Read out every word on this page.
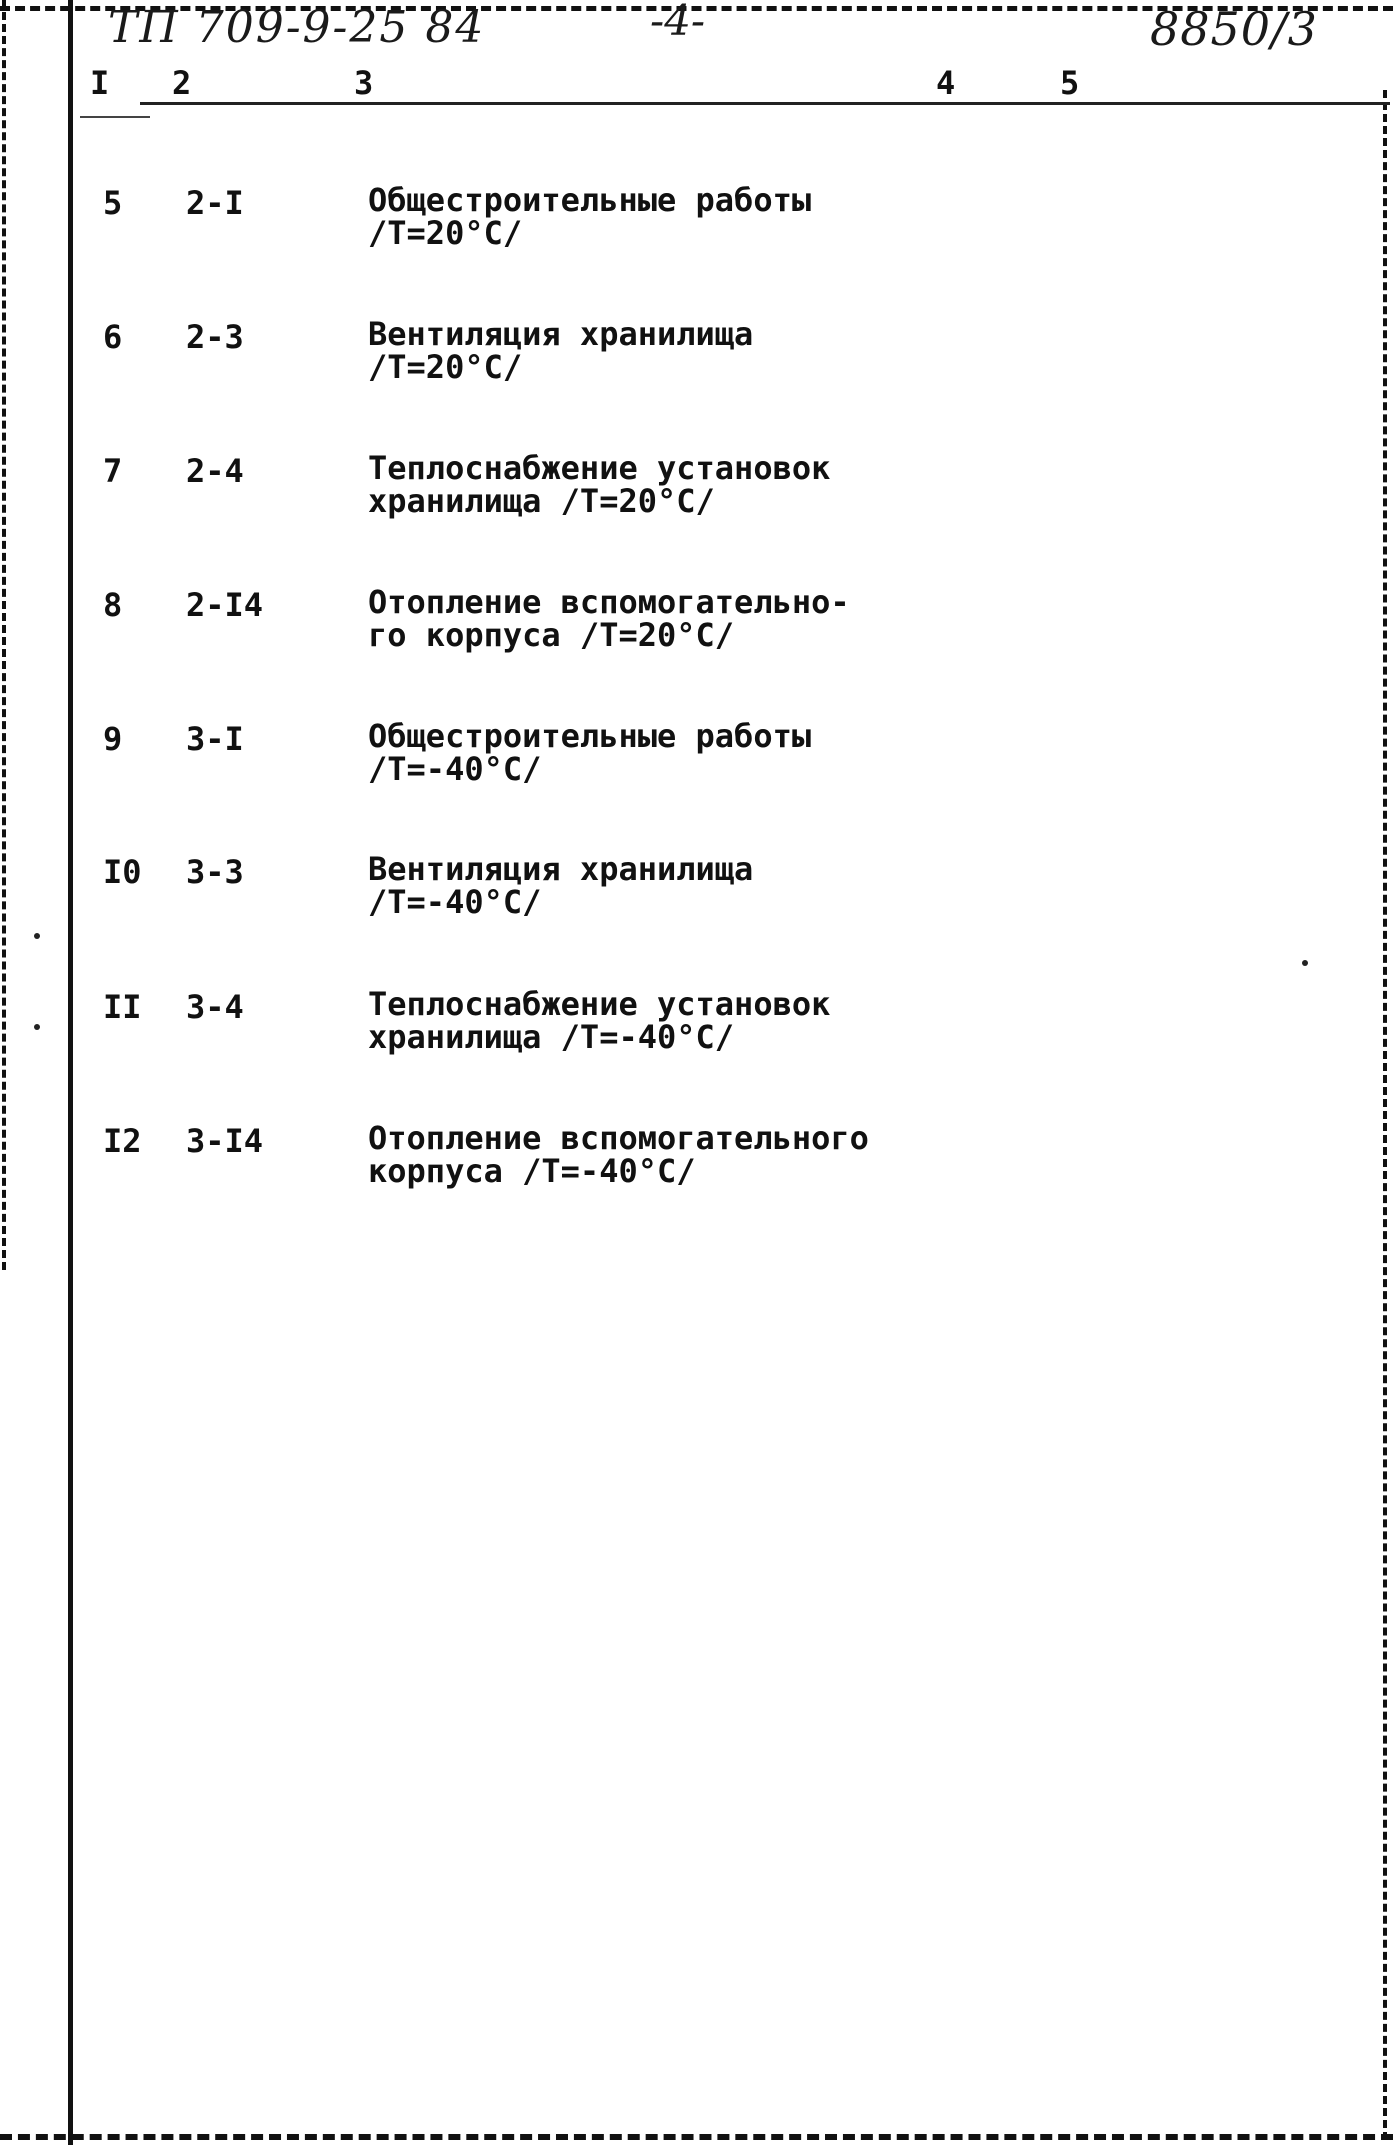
ТП 709-9-25 84	-4-	8850/3
I 2	3	4	5
5 2-I	Общестроительные работы
/Т=20°С/
6 2-3	Вентиляция хранилища
/Т=20°С/
7 2-4	Теплоснабжение установок
хранилища /Т=20°С/
8 2-I4	Отопление вспомогательно-
го корпуса /Т=20°С/
9 3-I	Общестроительные работы
/Т=-40°С/
I0 3-3	Вентиляция хранилища
/Т=-40°С/
II 3-4	Теплоснабжение установок
хранилища /Т=-40°С/
I2 3-I4	Отопление вспомогательного
корпуса /Т=-40°С/
